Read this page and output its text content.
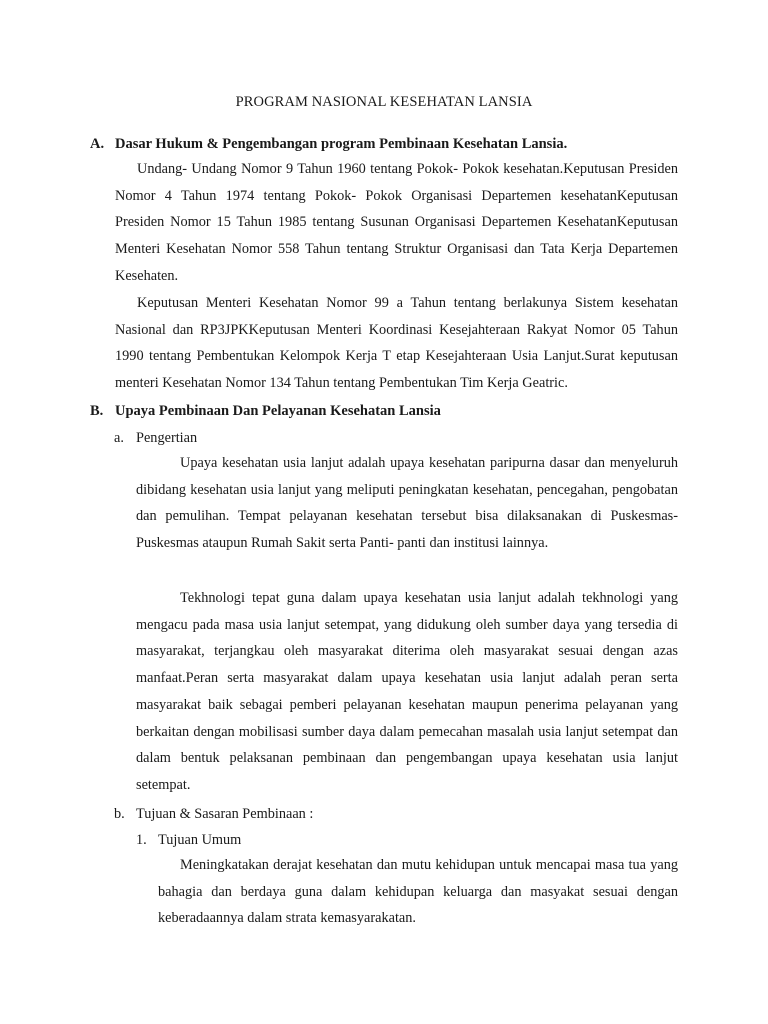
PROGRAM NASIONAL KESEHATAN LANSIA
A. Dasar Hukum & Pengembangan program Pembinaan Kesehatan Lansia.

Undang- Undang Nomor 9 Tahun 1960 tentang Pokok- Pokok kesehatan.Keputusan Presiden Nomor 4 Tahun 1974 tentang Pokok- Pokok Organisasi Departemen kesehatanKeputusan Presiden Nomor 15 Tahun 1985 tentang Susunan Organisasi Departemen KesehatanKeputusan Menteri Kesehatan Nomor 558 Tahun tentang Struktur Organisasi dan Tata Kerja Departemen Kesehaten.

Keputusan Menteri Kesehatan Nomor 99 a Tahun tentang berlakunya Sistem kesehatan Nasional dan RP3JPKKeputusan Menteri Koordinasi Kesejahteraan Rakyat Nomor 05 Tahun 1990 tentang Pembentukan Kelompok Kerja T etap Kesejahteraan Usia Lanjut.Surat keputusan menteri Kesehatan Nomor 134 Tahun tentang Pembentukan Tim Kerja Geatric.

B. Upaya Pembinaan Dan Pelayanan Kesehatan Lansia
a. Pengertian

Upaya kesehatan usia lanjut adalah upaya kesehatan paripurna dasar dan menyeluruh dibidang kesehatan usia lanjut yang meliputi peningkatan kesehatan, pencegahan, pengobatan dan pemulihan. Tempat pelayanan kesehatan tersebut bisa dilaksanakan di Puskesmas- Puskesmas ataupun Rumah Sakit serta Panti- panti dan institusi lainnya.

Tekhnologi tepat guna dalam upaya kesehatan usia lanjut adalah tekhnologi yang mengacu pada masa usia lanjut setempat, yang didukung oleh sumber daya yang tersedia di masyarakat, terjangkau oleh masyarakat diterima oleh masyarakat sesuai dengan azas manfaat.Peran serta masyarakat dalam upaya kesehatan usia lanjut adalah peran serta masyarakat baik sebagai pemberi pelayanan kesehatan maupun penerima pelayanan yang berkaitan dengan mobilisasi sumber daya dalam pemecahan masalah usia lanjut setempat dan dalam bentuk pelaksanan pembinaan dan pengembangan upaya kesehatan usia lanjut setempat.

b. Tujuan & Sasaran Pembinaan :
1. Tujuan Umum

Meningkatakan derajat kesehatan dan mutu kehidupan untuk mencapai masa tua yang bahagia dan berdaya guna dalam kehidupan keluarga dan masyakat sesuai dengan keberadaannya dalam strata kemasyarakatan.
